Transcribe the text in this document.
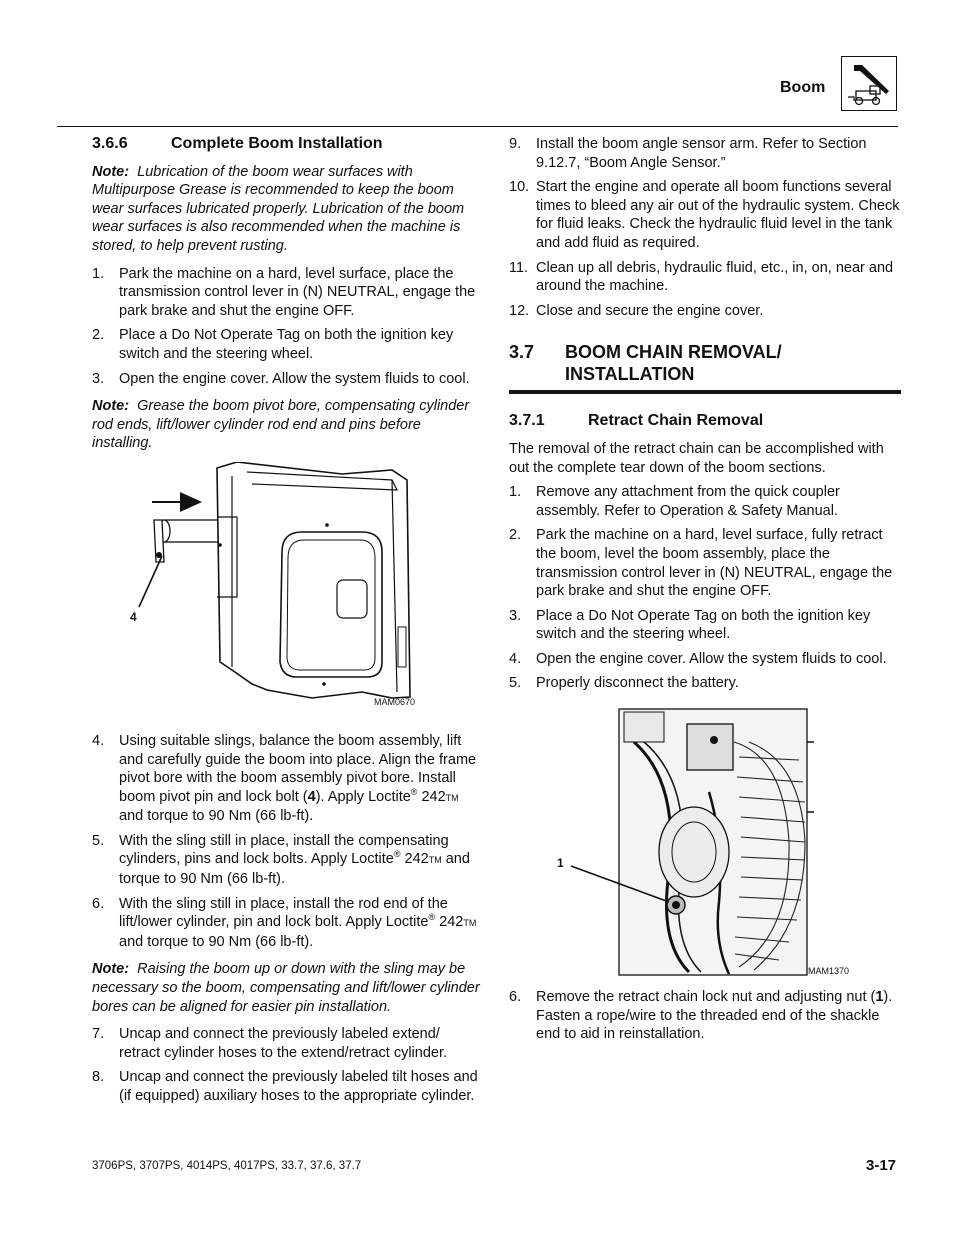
Boom
3.6.6	Complete Boom Installation

Note: Lubrication of the boom wear surfaces with Multipurpose Grease is recommended to keep the boom wear surfaces lubricated properly. Lubrication of the boom wear surfaces is also recommended when the machine is stored, to help prevent rusting.

1.	Park the machine on a hard, level surface, place the transmission control lever in (N) NEUTRAL, engage the park brake and shut the engine OFF.
2.	Place a Do Not Operate Tag on both the ignition key switch and the steering wheel.
3.	Open the engine cover. Allow the system fluids to cool.

Note: Grease the boom pivot bore, compensating cylinder rod ends, lift/lower cylinder rod end and pins before installing.

4
MAM0670
4.	Using suitable slings, balance the boom assembly, lift and carefully guide the boom into place. Align the frame pivot bore with the boom assembly pivot bore. Install boom pivot pin and lock bolt (4). Apply Loctite® 242TM and torque to 90 Nm (66 lb-ft).
5.	With the sling still in place, install the compensating cylinders, pins and lock bolts. Apply Loctite® 242TM and torque to 90 Nm (66 lb-ft).
6.	With the sling still in place, install the rod end of the lift/lower cylinder, pin and lock bolt. Apply Loctite® 242TM and torque to 90 Nm (66 lb-ft).

Note: Raising the boom up or down with the sling may be necessary so the boom, compensating and lift/lower cylinder bores can be aligned for easier pin installation.

7.	Uncap and connect the previously labeled extend/ retract cylinder hoses to the extend/retract cylinder.
8.	Uncap and connect the previously labeled tilt hoses and (if equipped) auxiliary hoses to the appropriate cylinder.
9.	Install the boom angle sensor arm. Refer to Section 9.12.7, “Boom Angle Sensor.”
10. Start the engine and operate all boom functions several times to bleed any air out of the hydraulic system. Check for fluid leaks. Check the hydraulic fluid level in the tank and add fluid as required.
11. Clean up all debris, hydraulic fluid, etc., in, on, near and around the machine.
12. Close and secure the engine cover.
3.7	BOOM CHAIN REMOVAL/
INSTALLATION
3.7.1	Retract Chain Removal

The removal of the retract chain can be accomplished with out the complete tear down of the boom sections.

1.	Remove any attachment from the quick coupler assembly. Refer to Operation & Safety Manual.
2.	Park the machine on a hard, level surface, fully retract the boom, level the boom assembly, place the transmission control lever in (N) NEUTRAL, engage the park brake and shut the engine OFF.
3.	Place a Do Not Operate Tag on both the ignition key switch and the steering wheel.
4.	Open the engine cover. Allow the system fluids to cool.
5.	Properly disconnect the battery.
1
MAM1370
6.	Remove the retract chain lock nut and adjusting nut (1). Fasten a rope/wire to the threaded end of the shackle end to aid in reinstallation.
3706PS, 3707PS, 4014PS, 4017PS, 33.7, 37.6, 37.7	3-17
